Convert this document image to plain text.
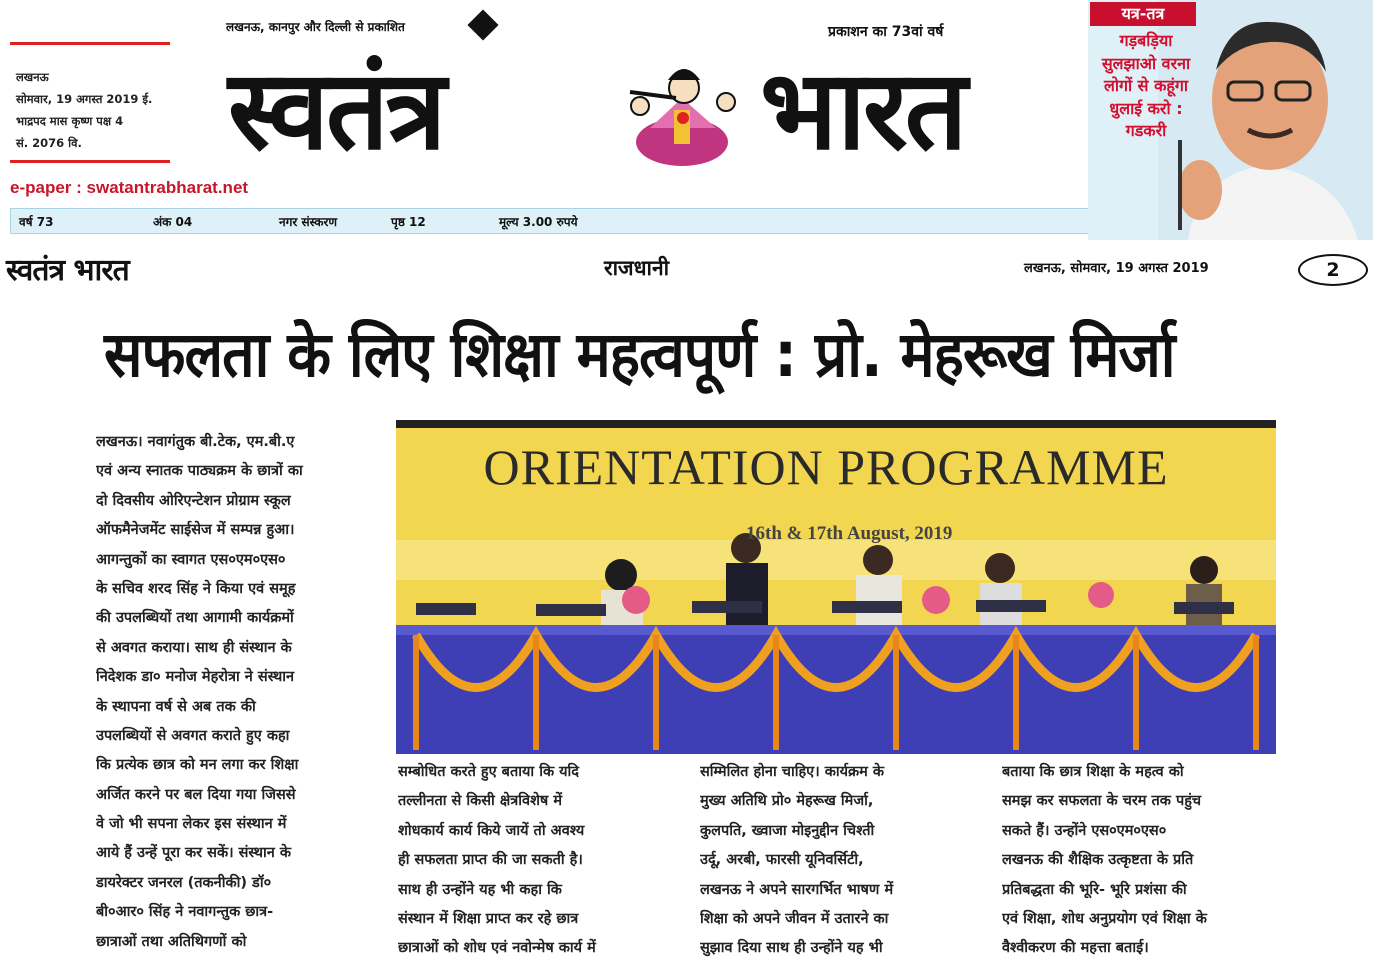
लखनऊ
सोमवार, 19 अगस्त 2019 ई.
भाद्रपद मास कृष्ण पक्ष 4
सं. 2076 वि.
e-paper : swatantrabharat.net
लखनऊ, कानपुर और दिल्ली से प्रकाशित	प्रकाशन का 73वां वर्ष
स्वतंत्र	भारत
वर्ष 73	अंक 04	नगर संस्करण	पृष्ठ 12	मूल्य 3.00 रुपये
यत्र-तत्र
गड़बड़िया
सुलझाओ वरना
लोगों से कहूंगा
धुलाई करो :
गडकरी
स्वतंत्र भारत	राजधानी	लखनऊ, सोमवार, 19 अगस्त 2019	2
सफलता के लिए शिक्षा महत्वपूर्ण : प्रो. मेहरूख मिर्जा
ORIENTATION PROGRAMME
16th & 17th August, 2019
लखनऊ। नवागंतुक बी.टेक, एम.बी.ए
एवं अन्य स्नातक पाठ्यक्रम के छात्रों का
दो दिवसीय ओरिएन्टेशन प्रोग्राम स्कूल
ऑफमैनेजमेंट साईसेज में सम्पन्न हुआ।
आगन्तुकों का स्वागत एस०एम०एस०
के सचिव शरद सिंह ने किया एवं समूह
की उपलब्धियों तथा आगामी कार्यक्रमों
से अवगत कराया। साथ ही संस्थान के
निदेशक डा० मनोज मेहरोत्रा ने संस्थान
के स्थापना वर्ष से अब तक की
उपलब्धियों से अवगत कराते हुए कहा
कि प्रत्येक छात्र को मन लगा कर शिक्षा
अर्जित करने पर बल दिया गया जिससे
वे जो भी सपना लेकर इस संस्थान में
आये हैं उन्हें पूरा कर सकें। संस्थान के
डायरेक्टर जनरल (तकनीकी) डॉ०
बी०आर० सिंह ने नवागन्तुक छात्र-
छात्राओं तथा अतिथिगणों को
सम्बोधित करते हुए बताया कि यदि
तल्लीनता से किसी क्षेत्रविशेष में
शोधकार्य कार्य किये जायें तो अवश्य
ही सफलता प्राप्त की जा सकती है।
साथ ही उन्होंने यह भी कहा कि
संस्थान में शिक्षा प्राप्त कर रहे छात्र
छात्राओं को शोध एवं नवोन्मेष कार्य में
सम्मिलित होना चाहिए। कार्यक्रम के
मुख्य अतिथि प्रो० मेहरूख मिर्जा,
कुलपति, ख्वाजा मोइनुद्दीन चिश्ती
उर्दू, अरबी, फारसी यूनिवर्सिटी,
लखनऊ ने अपने सारगर्भित भाषण में
शिक्षा को अपने जीवन में उतारने का
सुझाव दिया साथ ही उन्होंने यह भी
बताया कि छात्र शिक्षा के महत्व को
समझ कर सफलता के चरम तक पहुंच
सकते हैं। उन्होंने एस०एम०एस०
लखनऊ की शैक्षिक उत्कृष्टता के प्रति
प्रतिबद्धता की भूरि- भूरि प्रशंसा की
एवं शिक्षा, शोध अनुप्रयोग एवं शिक्षा के
वैश्वीकरण की महत्ता बताई।
